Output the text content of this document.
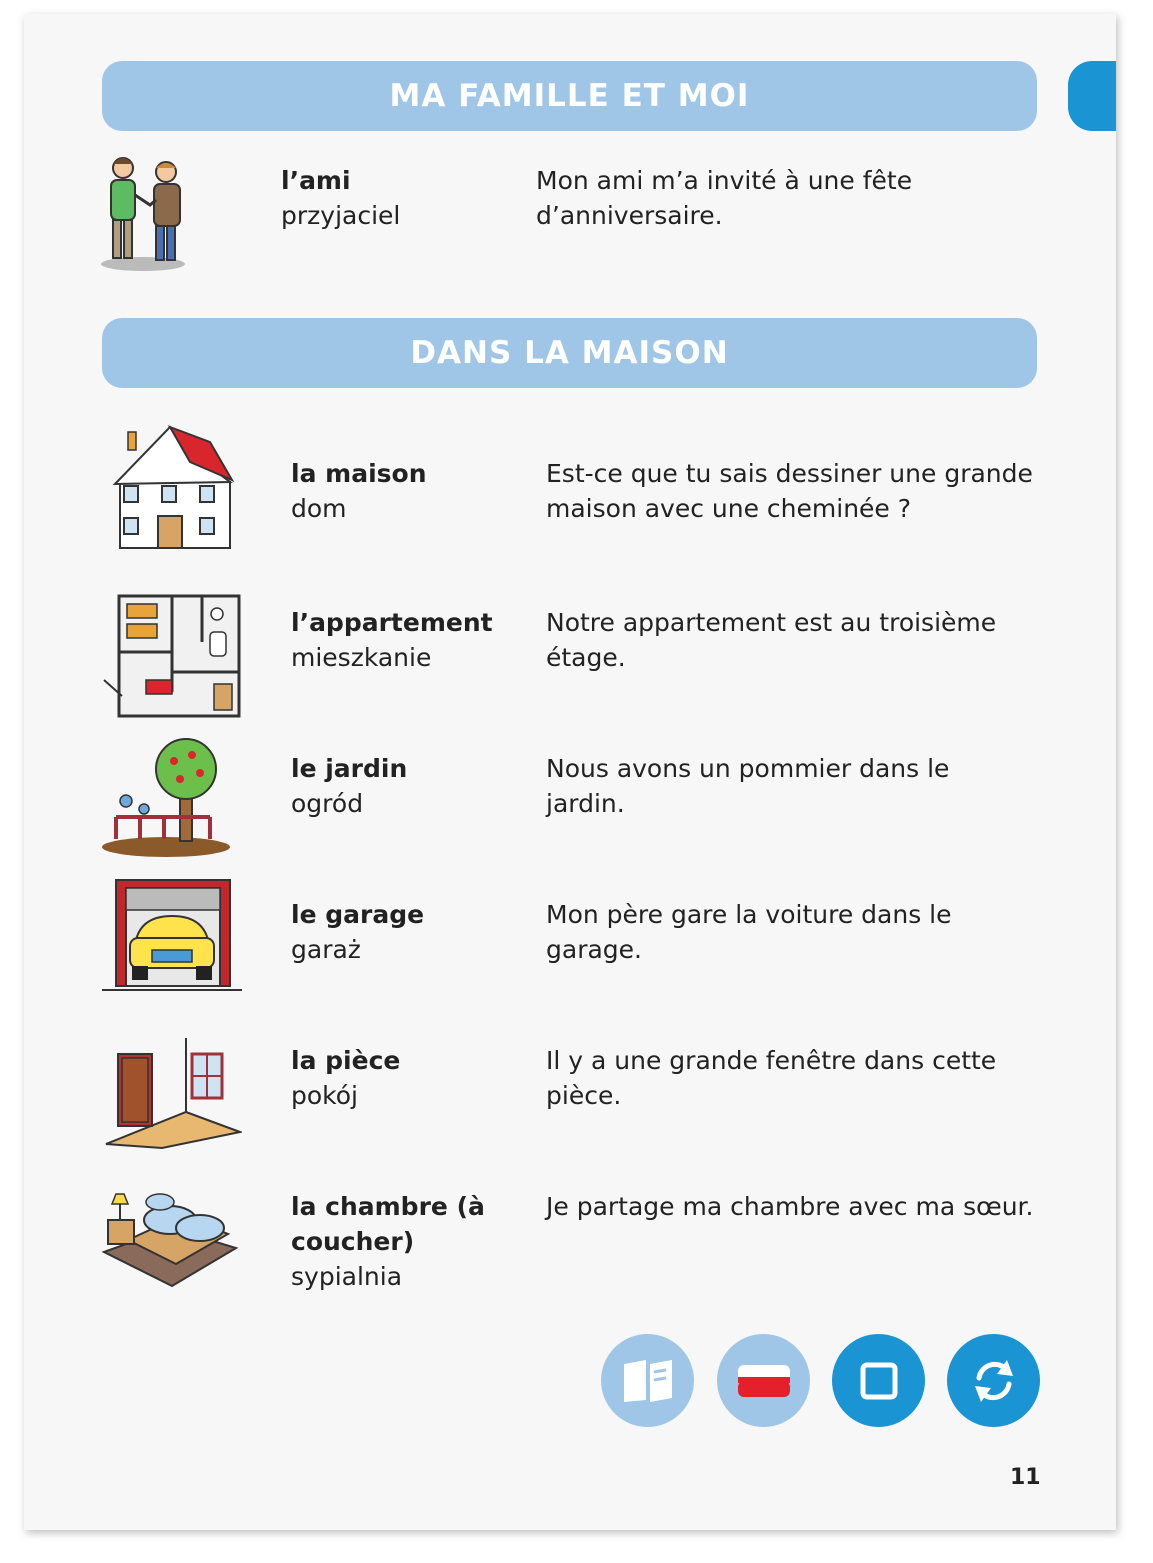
MA FAMILLE ET MOI
DANS LA MAISON
l’ami
przyjaciel
Mon ami m’a invité à une fête d’anniversaire.
la maison
dom
Est-ce que tu sais dessiner une grande maison avec une cheminée ?
l’appartement
mieszkanie
Notre appartement est au troisième étage.
le jardin
ogród
Nous avons un pommier dans le jardin.
le garage
garaż
Mon père gare la voiture dans le garage.
la pièce
pokój
Il y a une grande fenêtre dans cette pièce.
la chambre (à coucher)
sypialnia
Je partage ma chambre avec ma sœur.
11
